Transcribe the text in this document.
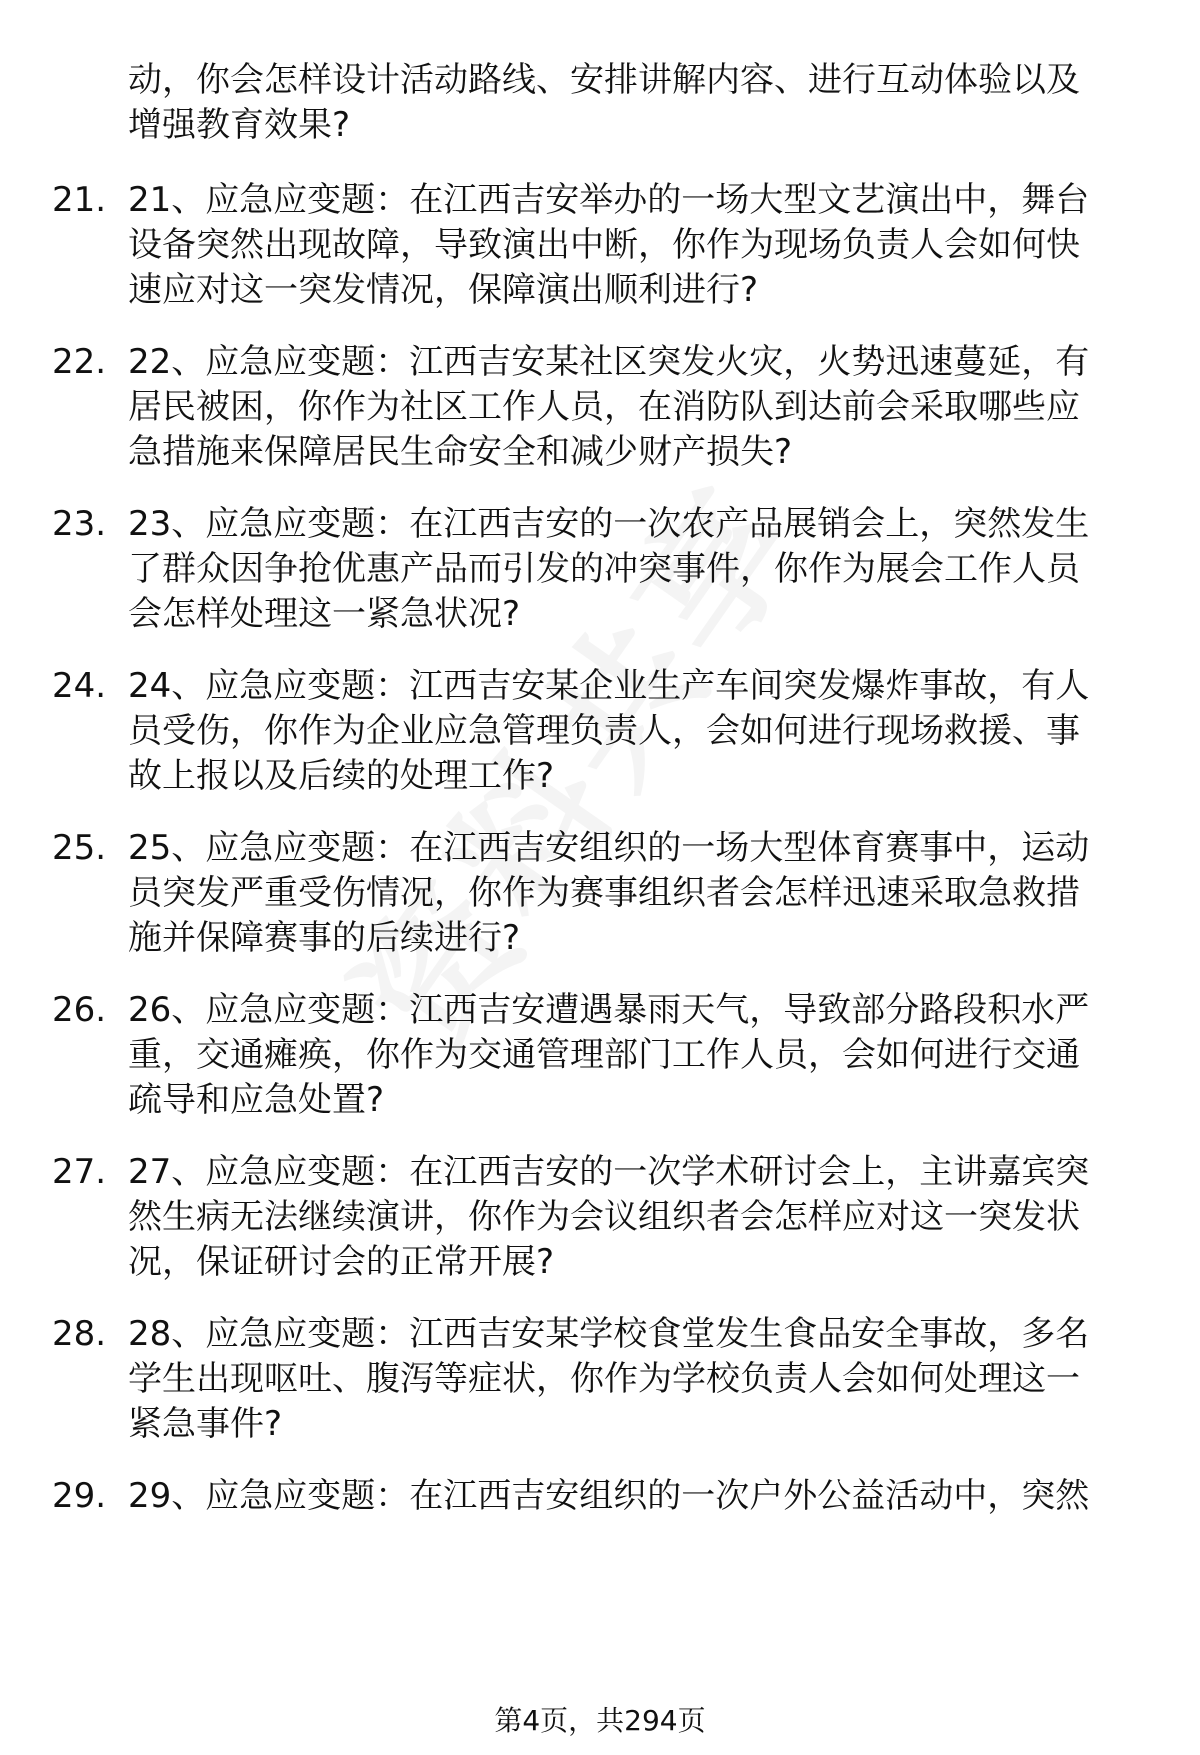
动，你会怎样设计活动路线、安排讲解内容、进行互动体验以及
增强教育效果?
21. 21、应急应变题：在江西吉安举办的一场大型文艺演出中，舞台
设备突然出现故障，导致演出中断，你作为现场负责人会如何快
速应对这一突发情况，保障演出顺利进行?
22. 22、应急应变题：江西吉安某社区突发火灾，火势迅速蔓延，有
居民被困，你作为社区工作人员，在消防队到达前会采取哪些应
急措施来保障居民生命安全和减少财产损失?
23. 23、应急应变题：在江西吉安的一次农产品展销会上，突然发生
了群众因争抢优惠产品而引发的冲突事件，你作为展会工作人员
会怎样处理这一紧急状况?
24. 24、应急应变题：江西吉安某企业生产车间突发爆炸事故，有人
员受伤，你作为企业应急管理负责人，会如何进行现场救援、事
故上报以及后续的处理工作?
25. 25、应急应变题：在江西吉安组织的一场大型体育赛事中，运动
员突发严重受伤情况，你作为赛事组织者会怎样迅速采取急救措
施并保障赛事的后续进行?
26. 26、应急应变题：江西吉安遭遇暴雨天气，导致部分路段积水严
重，交通瘫痪，你作为交通管理部门工作人员，会如何进行交通
疏导和应急处置?
27. 27、应急应变题：在江西吉安的一次学术研讨会上，主讲嘉宾突
然生病无法继续演讲，你作为会议组织者会怎样应对这一突发状
况，保证研讨会的正常开展?
28. 28、应急应变题：江西吉安某学校食堂发生食品安全事故，多名
学生出现呕吐、腹泻等症状，你作为学校负责人会如何处理这一
紧急事件?
29. 29、应急应变题：在江西吉安组织的一次户外公益活动中，突然
第4页，共294页
